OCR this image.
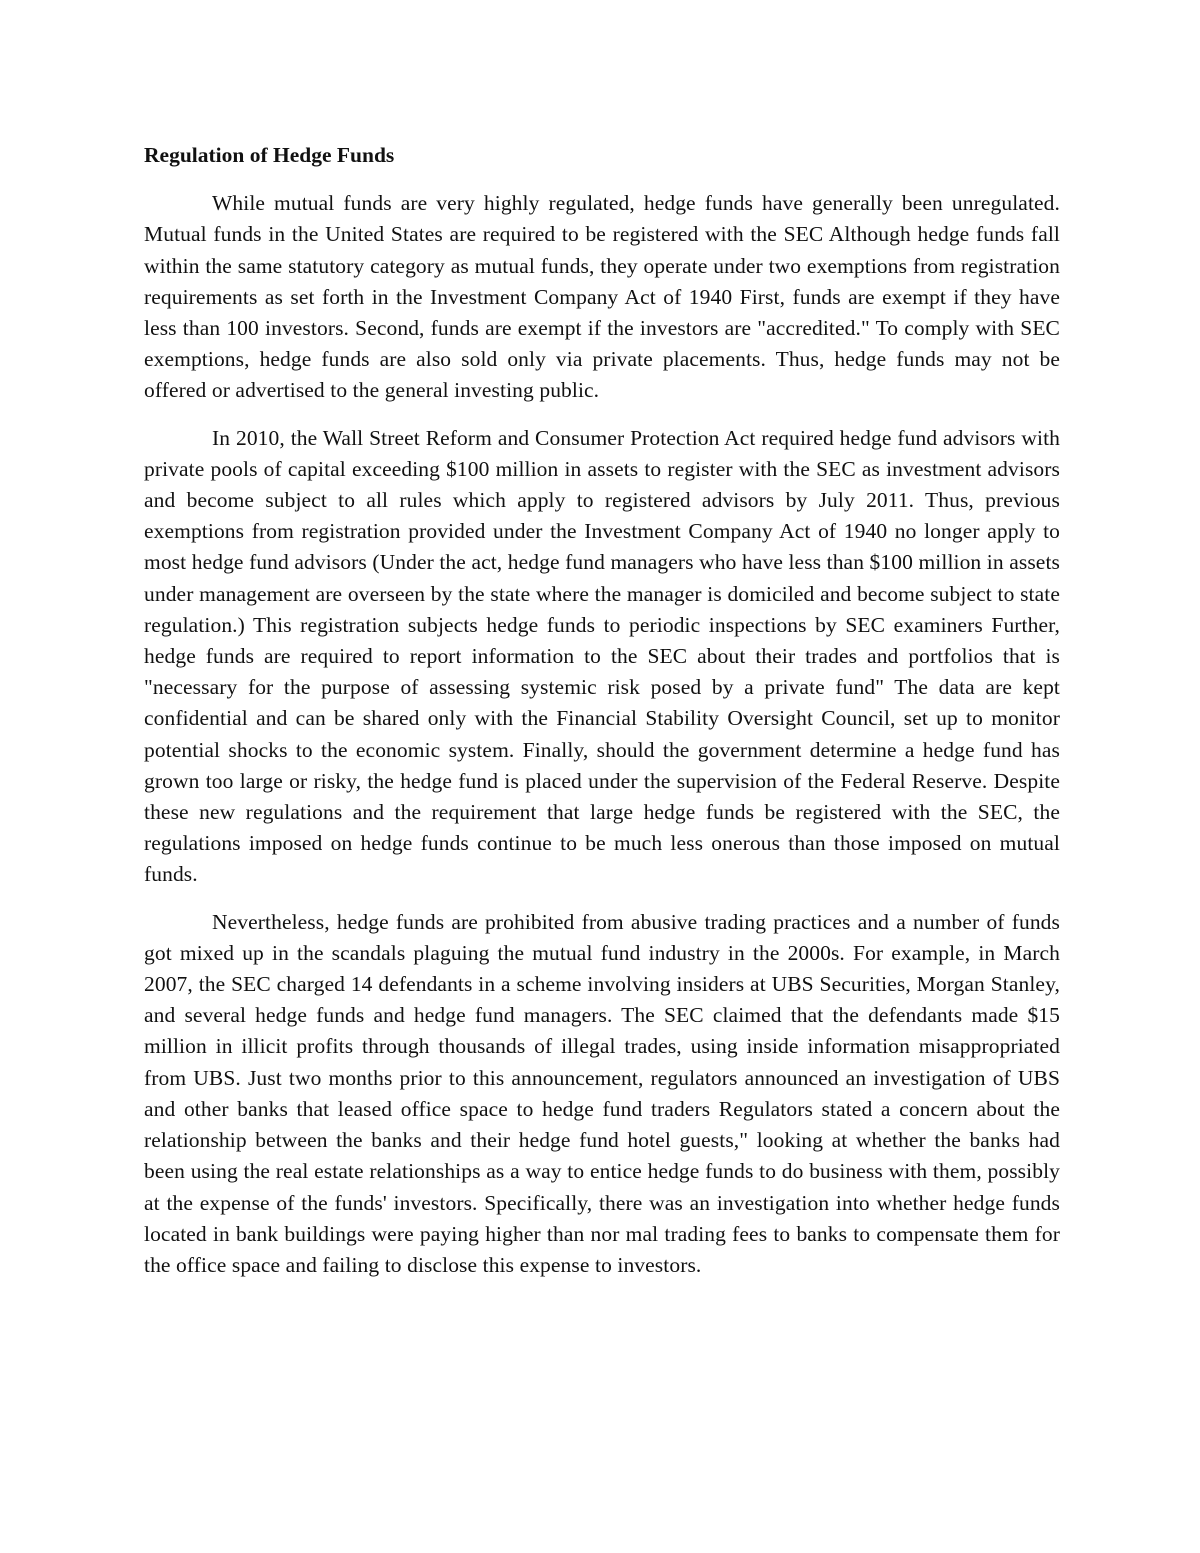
Regulation of Hedge Funds

While mutual funds are very highly regulated, hedge funds have generally been unregulated. Mutual funds in the United States are required to be registered with the SEC Although hedge funds fall within the same statutory category as mutual funds, they operate under two exemptions from registration requirements as set forth in the Investment Company Act of 1940 First, funds are exempt if they have less than 100 investors. Second, funds are exempt if the investors are "accredited." To comply with SEC exemptions, hedge funds are also sold only via private placements. Thus, hedge funds may not be offered or advertised to the general investing public.

In 2010, the Wall Street Reform and Consumer Protection Act required hedge fund advisors with private pools of capital exceeding $100 million in assets to register with the SEC as investment advisors and become subject to all rules which apply to registered advisors by July 2011. Thus, previous exemptions from registration provided under the Investment Company Act of 1940 no longer apply to most hedge fund advisors (Under the act, hedge fund managers who have less than $100 million in assets under management are overseen by the state where the manager is domiciled and become subject to state regulation.) This registration subjects hedge funds to periodic inspections by SEC examiners Further, hedge funds are required to report information to the SEC about their trades and portfolios that is "necessary for the purpose of assessing systemic risk posed by a private fund" The data are kept confidential and can be shared only with the Financial Stability Oversight Council, set up to monitor potential shocks to the economic system. Finally, should the government determine a hedge fund has grown too large or risky, the hedge fund is placed under the supervision of the Federal Reserve. Despite these new regulations and the requirement that large hedge funds be registered with the SEC, the regulations imposed on hedge funds continue to be much less onerous than those imposed on mutual funds.

Nevertheless, hedge funds are prohibited from abusive trading practices and a number of funds got mixed up in the scandals plaguing the mutual fund industry in the 2000s. For example, in March 2007, the SEC charged 14 defendants in a scheme involving insiders at UBS Securities, Morgan Stanley, and several hedge funds and hedge fund managers. The SEC claimed that the defendants made $15 million in illicit profits through thousands of illegal trades, using inside information misappropriated from UBS. Just two months prior to this announcement, regulators announced an investigation of UBS and other banks that leased office space to hedge fund traders Regulators stated a concern about the relationship between the banks and their hedge fund hotel guests," looking at whether the banks had been using the real estate relationships as a way to entice hedge funds to do business with them, possibly at the expense of the funds' investors. Specifically, there was an investigation into whether hedge funds located in bank buildings were paying higher than nor mal trading fees to banks to compensate them for the office space and failing to disclose this expense to investors.
